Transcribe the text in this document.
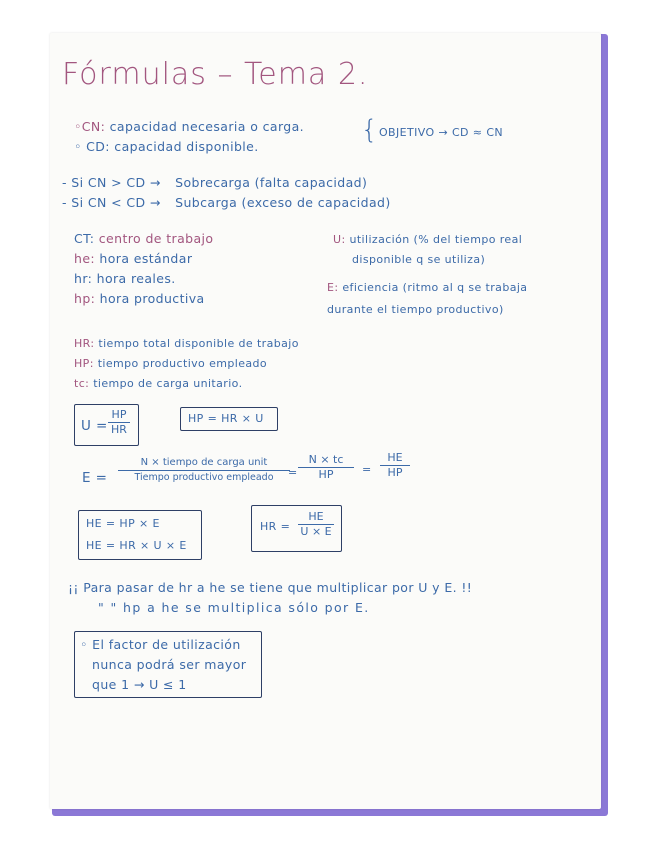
Fórmulas – Tema 2.
◦CN: capacidad necesaria o carga.
◦ CD: capacidad disponible.
{ OBJETIVO → CD ≈ CN
- Si CN > CD → Sobrecarga (falta capacidad)
- Si CN < CD → Subcarga (exceso de capacidad)
CT: centro de trabajo
he: hora estándar
hr: hora reales.
hp: hora productiva
U: utilización (% del tiempo real
disponible q se utiliza)
E: eficiencia (ritmo al q se trabaja
durante el tiempo productivo)
HR: tiempo total disponible de trabajo
HP: tiempo productivo empleado
tc: tiempo de carga unitario.
U =
HP
HR
HP = HR × U
E =
N × tiempo de carga unit
Tiempo productivo empleado =
N × tc
HP	=
HE
HP
HE = HP × E
HE = HR × U × E
HR =
HE
U × E
¡¡ Para pasar de hr a he se tiene que multiplicar por U y E. !!
" " hp a he se multiplica sólo por E.
◦ El factor de utilización
nunca podrá ser mayor
que 1 → U ≤ 1
